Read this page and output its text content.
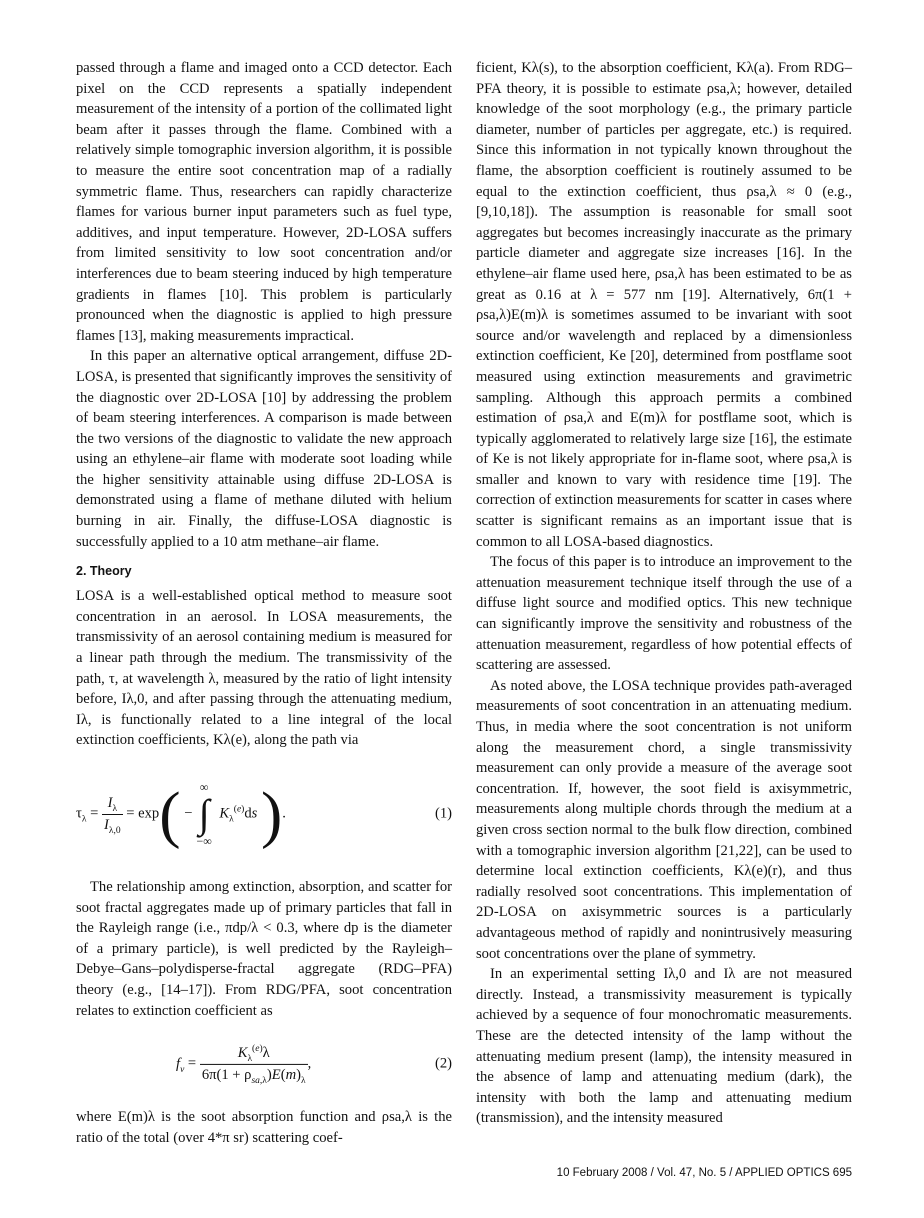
passed through a flame and imaged onto a CCD detector. Each pixel on the CCD represents a spatially independent measurement of the intensity of a portion of the collimated light beam after it passes through the flame. Combined with a relatively simple tomographic inversion algorithm, it is possible to measure the entire soot concentration map of a radially symmetric flame. Thus, researchers can rapidly characterize flames for various burner input parameters such as fuel type, additives, and input temperature. However, 2D-LOSA suffers from limited sensitivity to low soot concentration and/or interferences due to beam steering induced by high temperature gradients in flames [10]. This problem is particularly pronounced when the diagnostic is applied to high pressure flames [13], making measurements impractical.

In this paper an alternative optical arrangement, diffuse 2D-LOSA, is presented that significantly improves the sensitivity of the diagnostic over 2D-LOSA [10] by addressing the problem of beam steering interferences. A comparison is made between the two versions of the diagnostic to validate the new approach using an ethylene–air flame with moderate soot loading while the higher sensitivity attainable using diffuse 2D-LOSA is demonstrated using a flame of methane diluted with helium burning in air. Finally, the diffuse-LOSA diagnostic is successfully applied to a 10 atm methane–air flame.

2. Theory

LOSA is a well-established optical method to measure soot concentration in an aerosol. In LOSA measurements, the transmissivity of an aerosol containing medium is measured for a linear path through the medium. The transmissivity of the path, τ, at wavelength λ, measured by the ratio of light intensity before, Iλ,0, and after passing through the attenuating medium, Iλ, is functionally related to a line integral of the local extinction coefficients, Kλ(e), along the path via

$\tau_\lambda = \frac{I_\lambda}{I_{\lambda,0}} = \exp$( −∞
∫
−∞ $K_\lambda^{(e)}ds$ ).	(1)

The relationship among extinction, absorption, and scatter for soot fractal aggregates made up of primary particles that fall in the Rayleigh range (i.e., πdp/λ < 0.3, where dp is the diameter of a primary particle), is well predicted by the Rayleigh–Debye–Gans–polydisperse-fractal aggregate (RDG–PFA) theory (e.g., [14–17]). From RDG/PFA, soot concentration relates to extinction coefficient as

$f_v = \frac{K_\lambda^{(e)}\lambda}{6\pi(1 + \rho_{sa,\lambda})E(m)_\lambda}$ ,	(2)

where E(m)λ is the soot absorption function and ρsa,λ is the ratio of the total (over 4*π sr) scattering coef-

ficient, Kλ(s), to the absorption coefficient, Kλ(a). From RDG–PFA theory, it is possible to estimate ρsa,λ; however, detailed knowledge of the soot morphology (e.g., the primary particle diameter, number of particles per aggregate, etc.) is required. Since this information in not typically known throughout the flame, the absorption coefficient is routinely assumed to be equal to the extinction coefficient, thus ρsa,λ ≈ 0 (e.g., [9,10,18]). The assumption is reasonable for small soot aggregates but becomes increasingly inaccurate as the primary particle diameter and aggregate size increases [16]. In the ethylene–air flame used here, ρsa,λ has been estimated to be as great as 0.16 at λ = 577 nm [19]. Alternatively, 6π(1 + ρsa,λ)E(m)λ is sometimes assumed to be invariant with soot source and/or wavelength and replaced by a dimensionless extinction coefficient, Ke [20], determined from postflame soot measured using extinction measurements and gravimetric sampling. Although this approach permits a combined estimation of ρsa,λ and E(m)λ for postflame soot, which is typically agglomerated to relatively large size [16], the estimate of Ke is not likely appropriate for in-flame soot, where ρsa,λ is smaller and known to vary with residence time [19]. The correction of extinction measurements for scatter in cases where scatter is significant remains as an important issue that is common to all LOSA-based diagnostics.

The focus of this paper is to introduce an improvement to the attenuation measurement technique itself through the use of a diffuse light source and modified optics. This new technique can significantly improve the sensitivity and robustness of the attenuation measurement, regardless of how potential effects of scattering are assessed.

As noted above, the LOSA technique provides path-averaged measurements of soot concentration in an attenuating medium. Thus, in media where the soot concentration is not uniform along the measurement chord, a single transmissivity measurement can only provide a measure of the average soot concentration. If, however, the soot field is axisymmetric, measurements along multiple chords through the medium at a given cross section normal to the bulk flow direction, combined with a tomographic inversion algorithm [21,22], can be used to determine local extinction coefficients, Kλ(e)(r), and thus radially resolved soot concentrations. This implementation of 2D-LOSA on axisymmetric sources is a particularly advantageous method of rapidly and nonintrusively measuring soot concentrations over the plane of symmetry.

In an experimental setting Iλ,0 and Iλ are not measured directly. Instead, a transmissivity measurement is typically achieved by a sequence of four monochromatic measurements. These are the detected intensity of the lamp without the attenuating medium present (lamp), the intensity measured in the absence of lamp and attenuating medium (dark), the intensity with both the lamp and attenuating medium (transmission), and the intensity measured

10 February 2008 / Vol. 47, No. 5 / APPLIED OPTICS 695
